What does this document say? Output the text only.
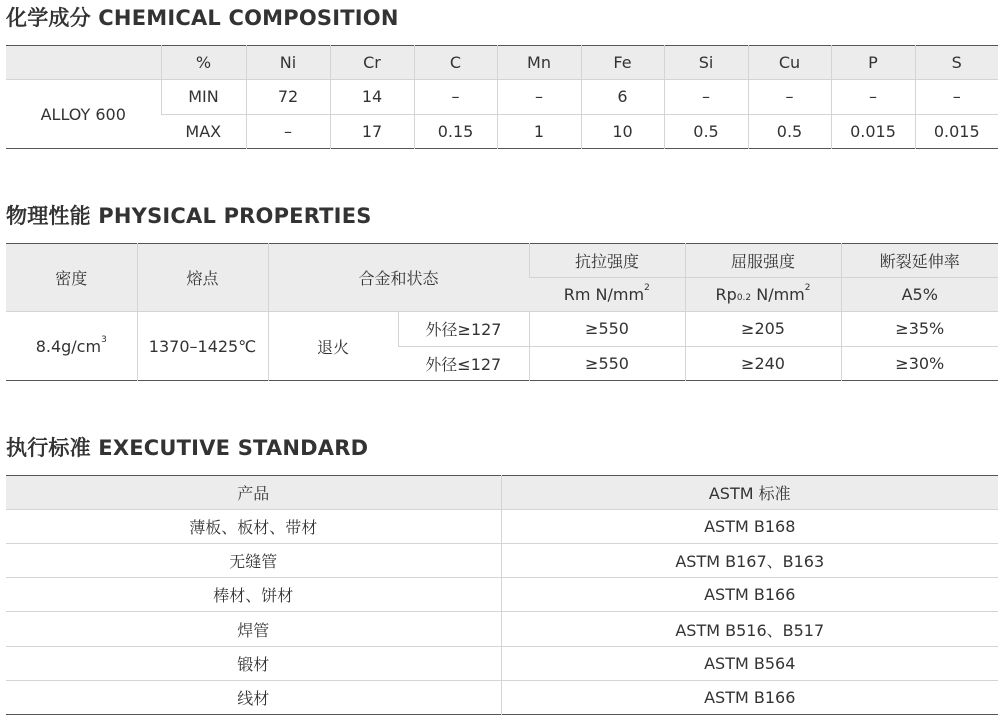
化学成分 CHEMICAL COMPOSITION
	%	Ni	Cr	C	Mn	Fe	Si	Cu	P	S
ALLOY 600	MIN	72	14	–	–	6	–	–	–	–
	MAX	–	17	0.15	1	10	0.5	0.5	0.015	0.015
物理性能 PHYSICAL PROPERTIES
密度	熔点	合金和状态		抗拉强度	屈服强度	断裂延伸率
				Rm $N/mm^2$	Rp0.2 $N/mm^2$	A5%
$8.4g/cm^3$	1370–1425℃	退火	外径≥127	≥550	≥205	≥35%
			外径≤127	≥550	≥240	≥30%
执行标准 EXECUTIVE STANDARD
产品	ASTM 标准
薄板、板材、带材	ASTM B168
无缝管	ASTM B167、B163
棒材、饼材	ASTM B166
焊管	ASTM B516、B517
锻材	ASTM B564
线材	ASTM B166
